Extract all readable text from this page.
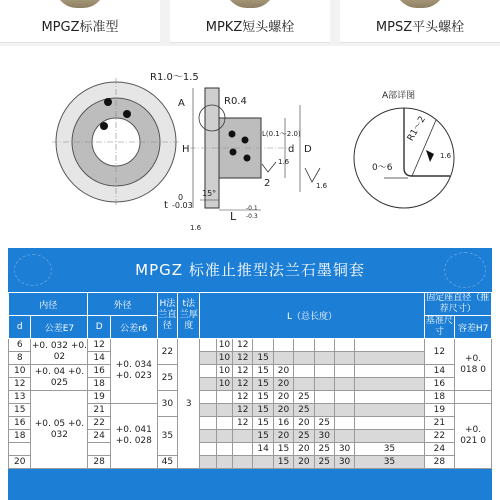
MPGZ标准型	MPKZ短头螺栓	MPSZ平头螺栓
R1.0～1.5
A	R0.4
H
L(0.1～2.0)
d D
1.6
1.6
15°
2
0
-0.03
t
L
-0.1
-0.3
1.6
A部详图
R1～2
0～6
1.6
MPGZ 标准止推型法兰石墨铜套
内径		外径		H法兰直径	t法兰厚度	L（总长度）									固定座直径（推荐尺寸）	
d	公差E7	D	公差r6												基准尺寸	容差H7
6	+0. 032 +0. 02	12	+0. 034 +0. 023	22	3		10	12							12	+0. 018 0
8		14					10	12	15							
10	+0. 04 +0. 025	16		25			10	12	15	20					14	
12		18					10	12	15	20					16	
13	+0. 05 +0. 032	19		30				12	15	20	25				18	
15		21	+0. 041 +0. 028					12	15	20	25				19	+0. 021 0
16		22		35				12	15	16	20	25			21	
18		24							15	20	25	30			22	
									14	15	20	25	30	35	24	
20		28		45						15	20	25	30	35	28	
